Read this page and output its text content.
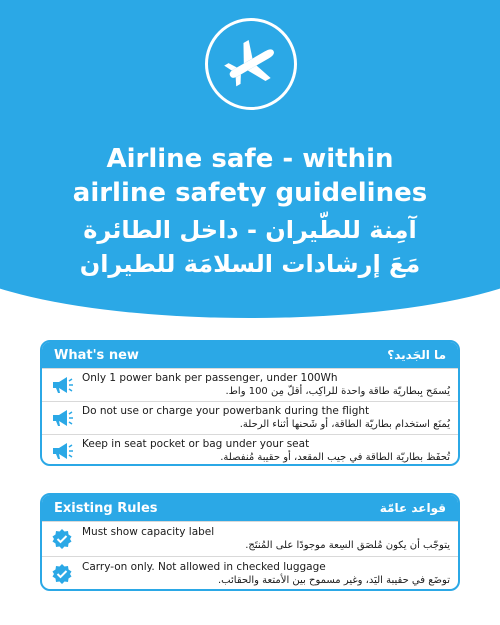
Airline safe - within
airline safety guidelines
آمِنة للطّيران - داخل الطائرة
مَعَ إرشادات السلامَة للطيران
What's new	ما الجَديد؟
Only 1 power bank per passenger, under 100Wh
يُسمَح بِبطاريّة طاقة واحدة للراكِب، أقلّ مِن 100 واط.
Do not use or charge your powerbank during the flight
يُمنَع استخدام بطاريّة الطاقة، أو شَحنها أثناء الرحلة.
Keep in seat pocket or bag under your seat
تُحفَظ بطاريّة الطاقة في جيب المقعد، أو حقيبة مُنفصلة.
Existing Rules	قواعد عامّة
Must show capacity label
يتوجّب أن يكون مُلصَق السِعة موجودًا على المُنتَج.
Carry-on only. Not allowed in checked luggage
توضَع في حقيبة اليَد، وغير مسموح بين الأمتعة والحقائب.
